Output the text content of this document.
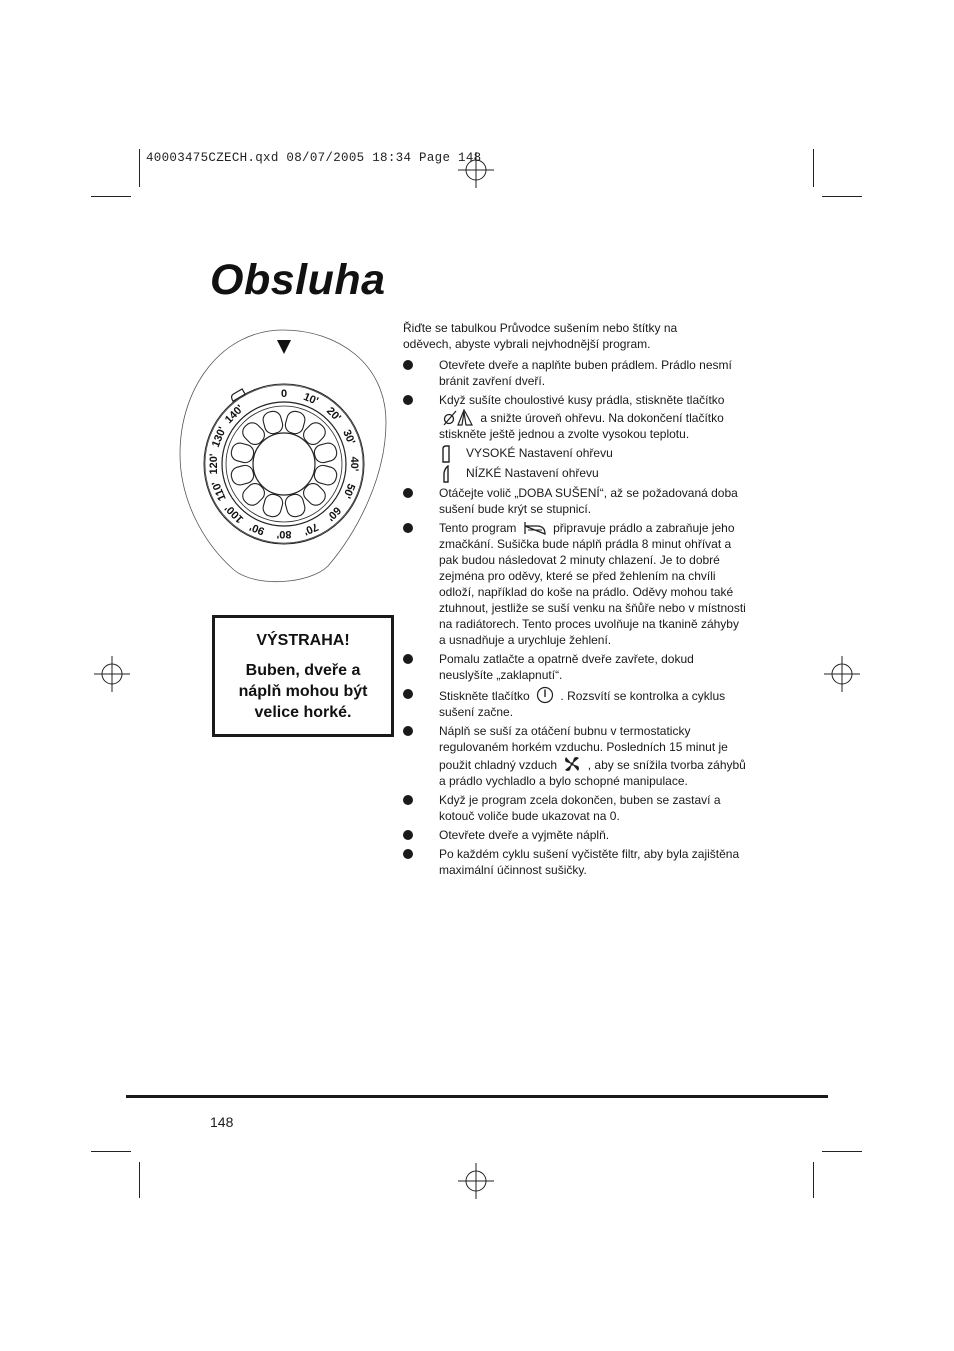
40003475CZECH.qxd 08/07/2005 18:34 Page 148
Obsluha
0 10'
20'
30'
40'
50'
60'
70'
80'
90'
100'
110'
120'
130'
140'
VÝSTRAHA!
Buben, dveře a
náplň mohou být
velice horké.
Řiďte se tabulkou Průvodce sušením nebo štítky na oděvech, abyste vybrali nejvhodnější program.
Otevřete dveře a naplňte buben prádlem. Prádlo nesmí bránit zavření dveří.
Když sušíte choulostivé kusy prádla, stiskněte tlačítko  a snižte úroveň ohřevu. Na dokončení tlačítko stiskněte ještě jednou a zvolte vysokou teplotu.
VYSOKÉ Nastavení ohřevu
NÍZKÉ Nastavení ohřevu
Otáčejte volič „DOBA SUŠENÍ“, až se požadovaná doba sušení bude krýt se stupnicí.
Tento program	připravuje prádlo a zabraňuje jeho zmačkání. Sušička bude náplň prádla 8 minut ohřívat a pak budou následovat 2 minuty chlazení. Je to dobré zejména pro oděvy, které se před žehlením na chvíli odloží, například do koše na prádlo. Oděvy mohou také ztuhnout, jestliže se suší venku na šňůře nebo v místnosti na radiátorech. Tento proces uvolňuje na tkanině záhyby a usnadňuje a urychluje žehlení.
Pomalu zatlačte a opatrně dveře zavřete, dokud neuslyšíte „zaklapnutí“.
Stiskněte tlačítko	. Rozsvítí se kontrolka a cyklus sušení začne.
Náplň se suší za otáčení bubnu v termostaticky regulovaném horkém vzduchu. Posledních 15 minut je použit chladný vzduch	, aby se snížila tvorba záhybů a prádlo vychladlo a bylo schopné manipulace.
Když je program zcela dokončen, buben se zastaví a kotouč voliče bude ukazovat na 0.
Otevřete dveře a vyjměte náplň.
Po každém cyklu sušení vyčistěte filtr, aby byla zajištěna maximální účinnost sušičky.
148
